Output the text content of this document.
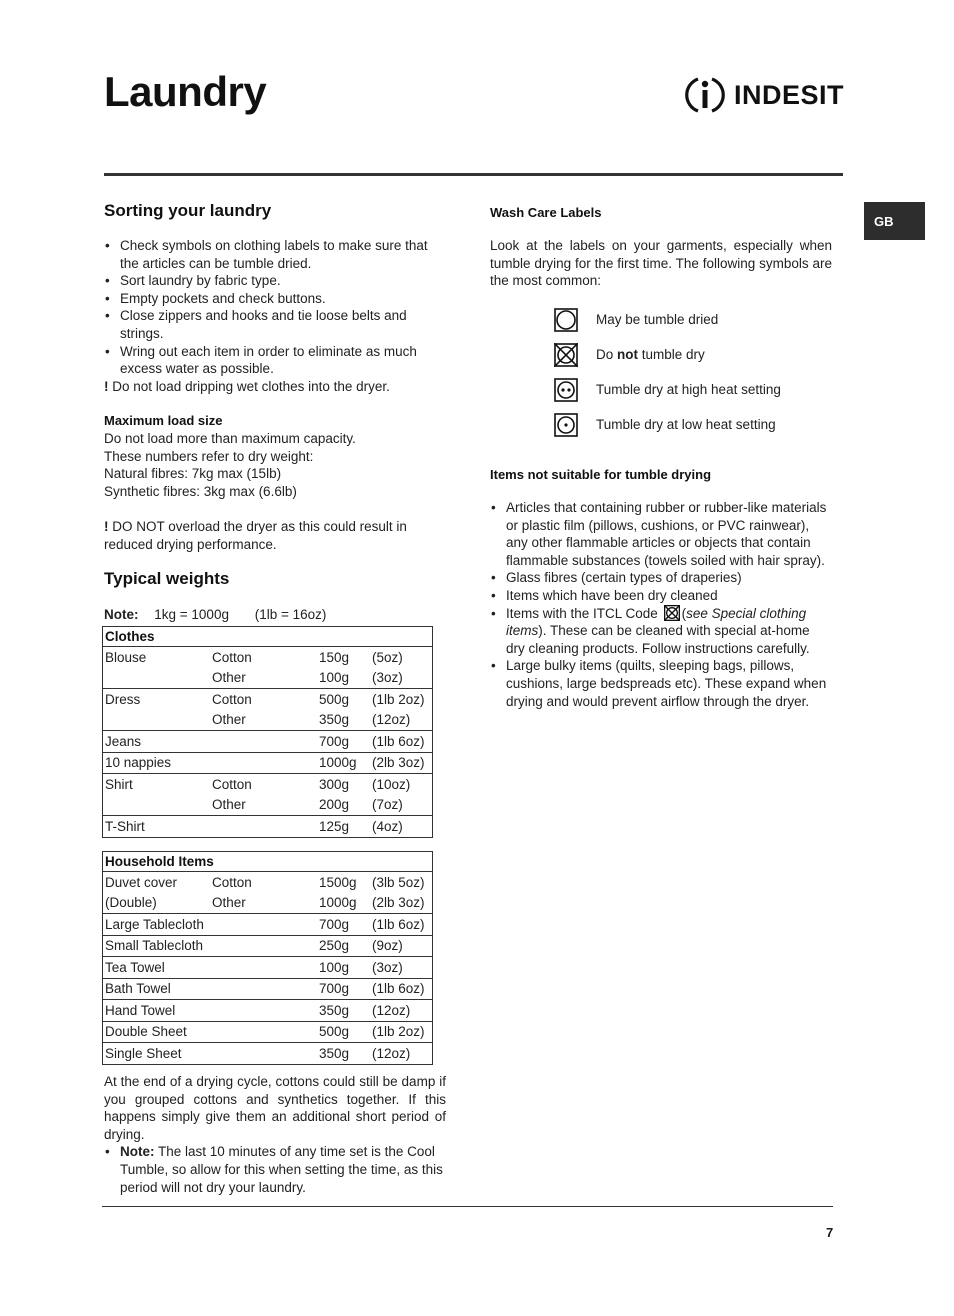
Laundry	INDESIT
GB
Sorting your laundry
• Check symbols on clothing labels to make sure that the articles can be tumble dried.
• Sort laundry by fabric type.
• Empty pockets and check buttons.
• Close zippers and hooks and tie loose belts and strings.
• Wring out each item in order to eliminate as much excess water as possible.
! Do not load dripping wet clothes into the dryer.
Maximum load size
Do not load more than maximum capacity.
These numbers refer to dry weight:
Natural fibres: 7kg max (15lb)
Synthetic fibres: 3kg max (6.6lb)
! DO NOT overload the dryer as this could result in reduced drying performance.
Typical weights
Note: 1kg = 1000g (1lb = 16oz)
Clothes			
Blouse	Cotton	150g	(5oz)
	Other	100g	(3oz)
Dress	Cotton	500g	(1lb 2oz)
	Other	350g	(12oz)
Jeans		700g	(1lb 6oz)
10 nappies		1000g	(2lb 3oz)
Shirt	Cotton	300g	(10oz)
	Other	200g	(7oz)
T-Shirt		125g	(4oz)
Household Items			
Duvet cover	Cotton	1500g	(3lb 5oz)
(Double)	Other	1000g	(2lb 3oz)
Large Tablecloth		700g	(1lb 6oz)
Small Tablecloth		250g	(9oz)
Tea Towel		100g	(3oz)
Bath Towel		700g	(1lb 6oz)
Hand Towel		350g	(12oz)
Double Sheet		500g	(1lb 2oz)
Single Sheet		350g	(12oz)
At the end of a drying cycle, cottons could still be damp if you grouped cottons and synthetics together. If this happens simply give them an additional short period of drying.
• Note: The last 10 minutes of any time set is the Cool Tumble, so allow for this when setting the time, as this period will not dry your laundry.
Wash Care Labels
Look at the labels on your garments, especially when tumble drying for the first time. The following symbols are the most common:
May be tumble dried
Do not tumble dry
Tumble dry at high heat setting
Tumble dry at low heat setting
Items not suitable for tumble drying
• Articles that containing rubber or rubber-like materials or plastic film (pillows, cushions, or PVC rainwear), any other flammable articles or objects that contain flammable substances (towels soiled with hair spray).
• Glass fibres (certain types of draperies)
• Items which have been dry cleaned
• Items with the ITCL Code (see Special clothing items). These can be cleaned with special at-home dry cleaning products. Follow instructions carefully.
• Large bulky items (quilts, sleeping bags, pillows, cushions, large bedspreads etc). These expand when drying and would prevent airflow through the dryer.
7
